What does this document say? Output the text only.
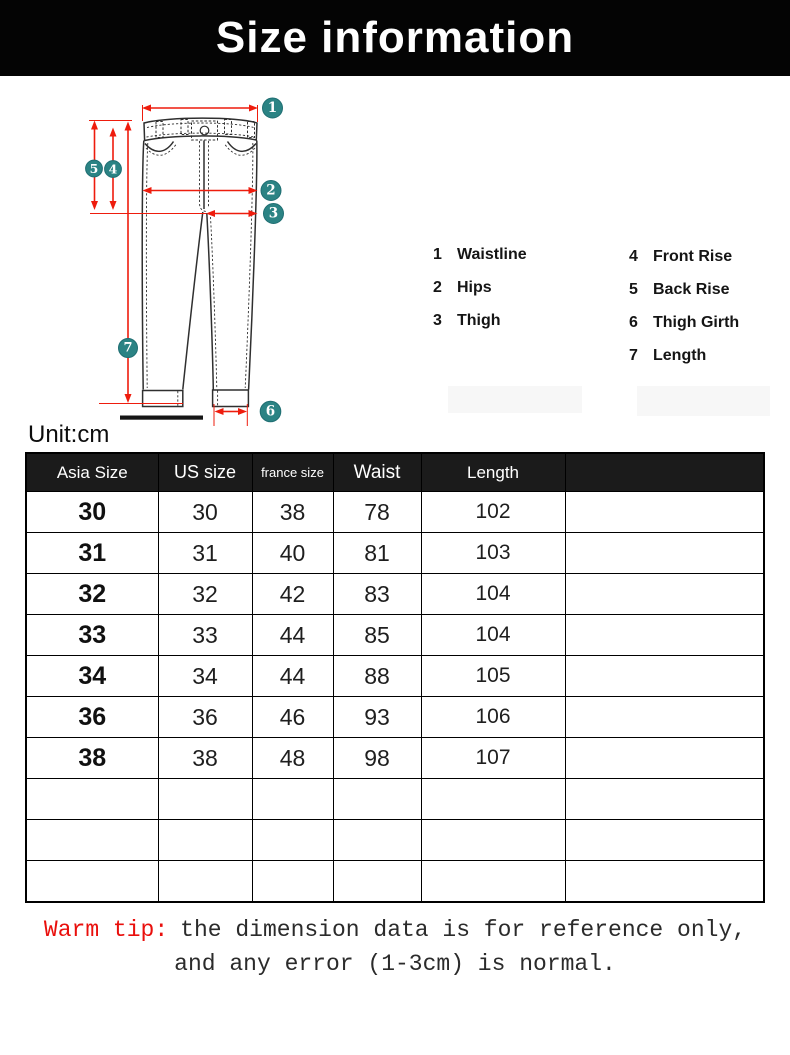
Size information
1
2
3
4
5
6
7
1 Waistline
2 Hips
3 Thigh
4 Front Rise
5 Back Rise
6 Thigh Girth
7 Length
Unit:cm
Asia Size	US size	france size	Waist	Length	
30	30	38	78	102	
31	31	40	81	103	
32	32	42	83	104	
33	33	44	85	104	
34	34	44	88	105	
36	36	46	93	106	
38	38	48	98	107	

Warm tip: the dimension data is for reference only,
and any error (1-3cm) is normal.
